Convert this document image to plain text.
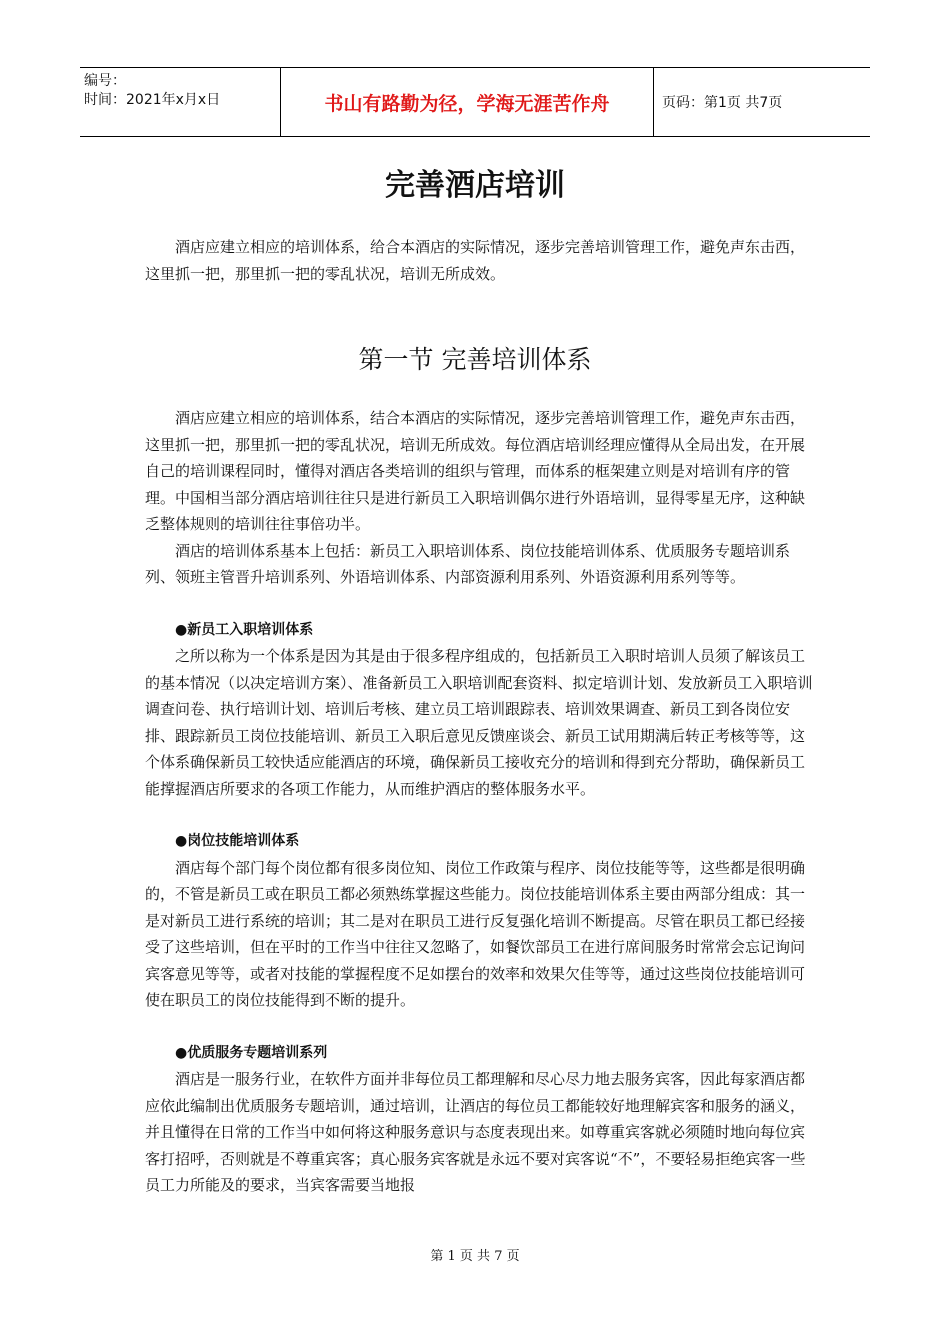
编号：
时间：2021年x月x日	书山有路勤为径，学海无涯苦作舟	页码：第1页 共7页
完善酒店培训

酒店应建立相应的培训体系，给合本酒店的实际情况，逐步完善培训管理工作，避免声东击西，这里抓一把，那里抓一把的零乱状况，培训无所成效。

第一节 完善培训体系

酒店应建立相应的培训体系，结合本酒店的实际情况，逐步完善培训管理工作，避免声东击西，这里抓一把，那里抓一把的零乱状况，培训无所成效。每位酒店培训经理应懂得从全局出发，在开展自己的培训课程同时，懂得对酒店各类培训的组织与管理，而体系的框架建立则是对培训有序的管理。中国相当部分酒店培训往往只是进行新员工入职培训偶尔进行外语培训，显得零星无序，这种缺乏整体规则的培训往往事倍功半。

酒店的培训体系基本上包括：新员工入职培训体系、岗位技能培训体系、优质服务专题培训系列、领班主管晋升培训系列、外语培训体系、内部资源利用系列、外语资源利用系列等等。

●新员工入职培训体系

之所以称为一个体系是因为其是由于很多程序组成的，包括新员工入职时培训人员须了解该员工的基本情况（以决定培训方案）、准备新员工入职培训配套资料、拟定培训计划、发放新员工入职培训调查问卷、执行培训计划、培训后考核、建立员工培训跟踪表、培训效果调查、新员工到各岗位安排、跟踪新员工岗位技能培训、新员工入职后意见反馈座谈会、新员工试用期满后转正考核等等，这个体系确保新员工较快适应能酒店的环境，确保新员工接收充分的培训和得到充分帮助，确保新员工能撑握酒店所要求的各项工作能力，从而维护酒店的整体服务水平。

●岗位技能培训体系

酒店每个部门每个岗位都有很多岗位知、岗位工作政策与程序、岗位技能等等，这些都是很明确的，不管是新员工或在职员工都必须熟练掌握这些能力。岗位技能培训体系主要由两部分组成：其一是对新员工进行系统的培训；其二是对在职员工进行反复强化培训不断提高。尽管在职员工都已经接受了这些培训，但在平时的工作当中往往又忽略了，如餐饮部员工在进行席间服务时常常会忘记询问宾客意见等等，或者对技能的掌握程度不足如摆台的效率和效果欠佳等等，通过这些岗位技能培训可使在职员工的岗位技能得到不断的提升。

●优质服务专题培训系列

酒店是一服务行业，在软件方面并非每位员工都理解和尽心尽力地去服务宾客，因此每家酒店都应依此编制出优质服务专题培训，通过培训，让酒店的每位员工都能较好地理解宾客和服务的涵义，并且懂得在日常的工作当中如何将这种服务意识与态度表现出来。如尊重宾客就必须随时地向每位宾客打招呼，否则就是不尊重宾客；真心服务宾客就是永远不要对宾客说“不”，不要轻易拒绝宾客一些员工力所能及的要求，当宾客需要当地报

第 1 页 共 7 页
